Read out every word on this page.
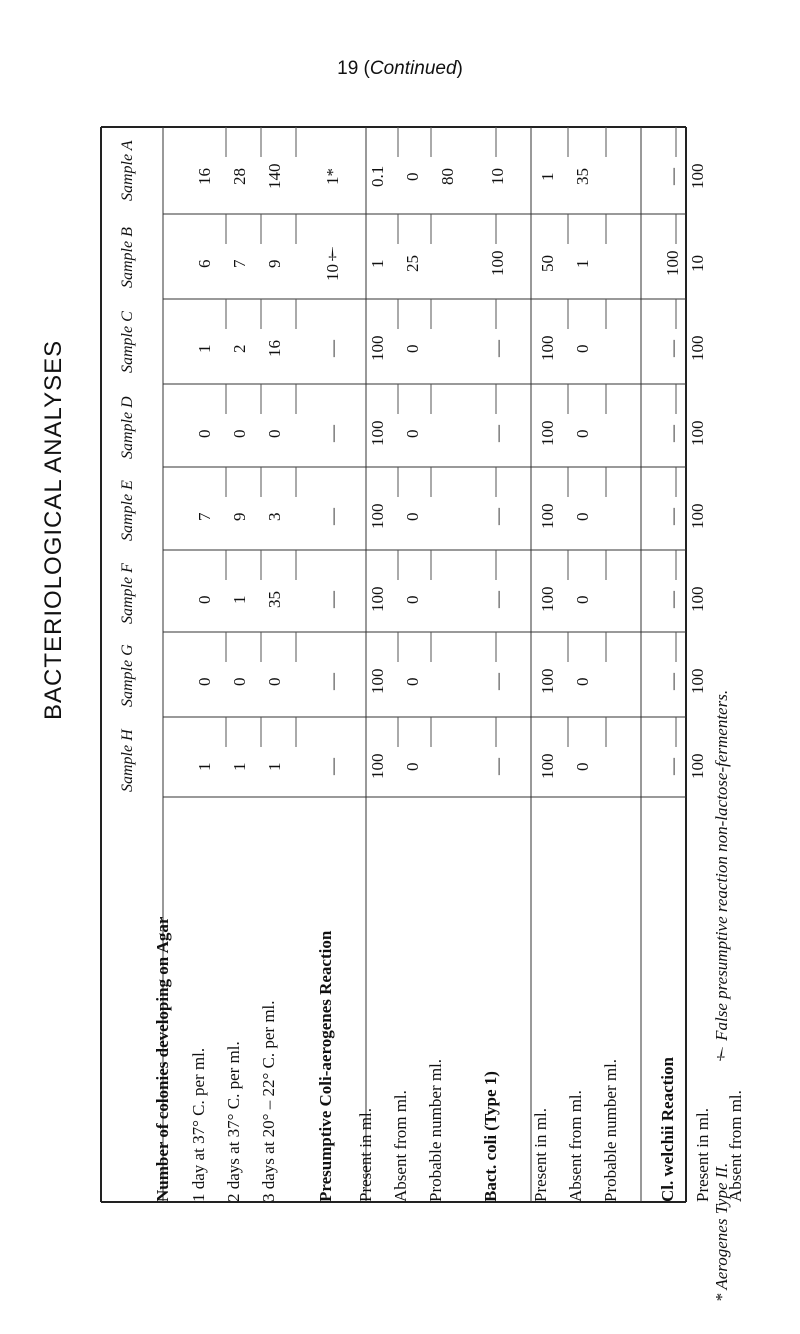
19 (Continued)
BACTERIOLOGICAL ANALYSES
Sample A
Sample B
Sample C
Sample D
Sample E
Sample F
Sample G
Sample H
16
6
1
0
7
0
0
1
28
7
2
0
9
1
0
1
140
9
16
0
3
35
0
1
1*
10†
—
—
—
—
—
—
0.1
1
100
100
100
100
100
100
0
25
0
0
0
0
0
0
80 10
100
—
—
—
—
—
—
1
50
100
100
100
100
100
100
35
1
0
0
0
0
0
0
—
100
—
—
—
—
—
—
100
10
100
100
100
100
100
100
Number of colonies developing on Agar 1 day at 37° C. per ml. 2 days at 37° C. per ml. 3 days at 20° – 22° C. per ml. Presumptive Coli-aerogenes Reaction Present in ml. Absent from ml. Probable number ml. Bact. coli (Type 1) Present in ml. Absent from ml. Probable number ml. Cl. welchii Reaction Present in ml. Absent from ml.
* Aerogenes Type II.  † False presumptive reaction non-lactose-fermenters.
